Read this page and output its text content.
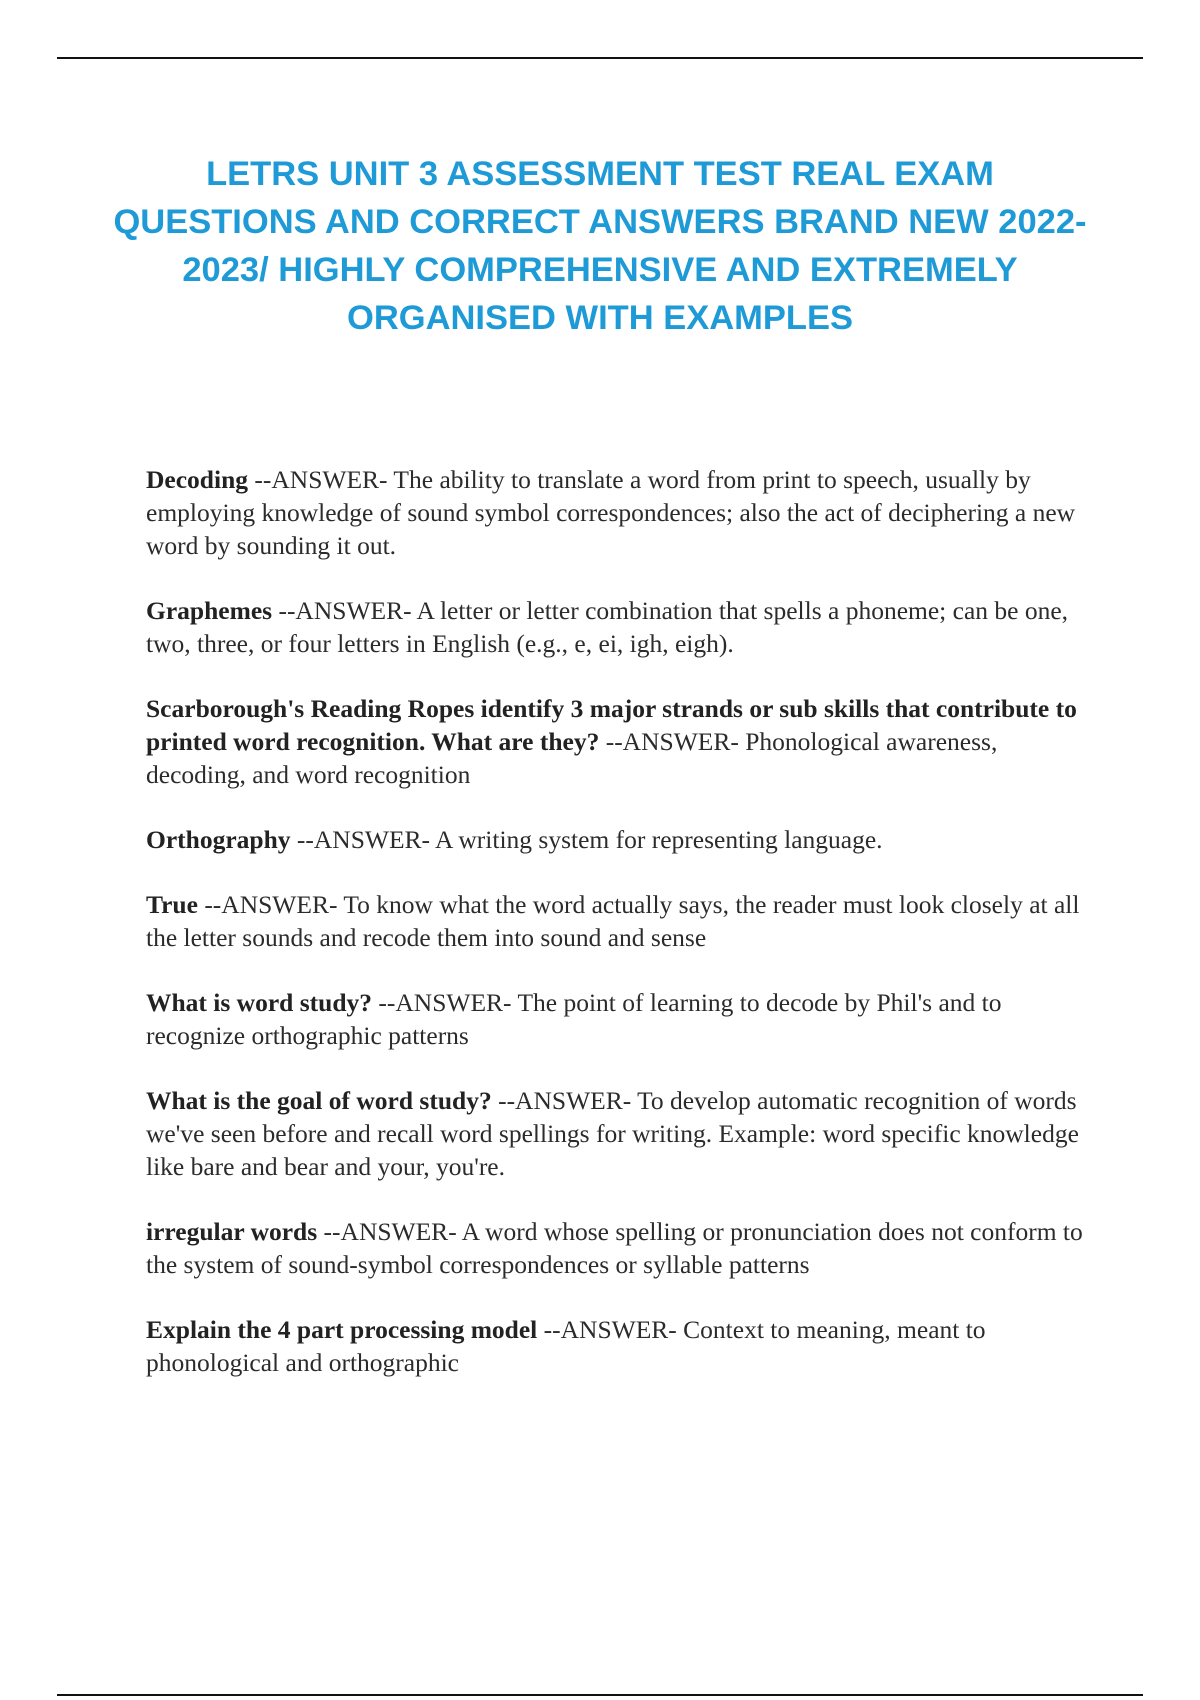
LETRS UNIT 3 ASSESSMENT TEST REAL EXAM QUESTIONS AND CORRECT ANSWERS BRAND NEW 2022-2023/ HIGHLY COMPREHENSIVE AND EXTREMELY ORGANISED WITH EXAMPLES

Decoding --ANSWER- The ability to translate a word from print to speech, usually by employing knowledge of sound symbol correspondences; also the act of deciphering a new word by sounding it out.

Graphemes --ANSWER- A letter or letter combination that spells a phoneme; can be one, two, three, or four letters in English (e.g., e, ei, igh, eigh).

Scarborough's Reading Ropes identify 3 major strands or sub skills that contribute to printed word recognition. What are they? --ANSWER- Phonological awareness, decoding, and word recognition

Orthography --ANSWER- A writing system for representing language.

True --ANSWER- To know what the word actually says, the reader must look closely at all the letter sounds and recode them into sound and sense

What is word study? --ANSWER- The point of learning to decode by Phil's and to recognize orthographic patterns

What is the goal of word study? --ANSWER- To develop automatic recognition of words we've seen before and recall word spellings for writing. Example: word specific knowledge like bare and bear and your, you're.

irregular words --ANSWER- A word whose spelling or pronunciation does not conform to the system of sound-symbol correspondences or syllable patterns

Explain the 4 part processing model --ANSWER- Context to meaning, meant to phonological and orthographic
